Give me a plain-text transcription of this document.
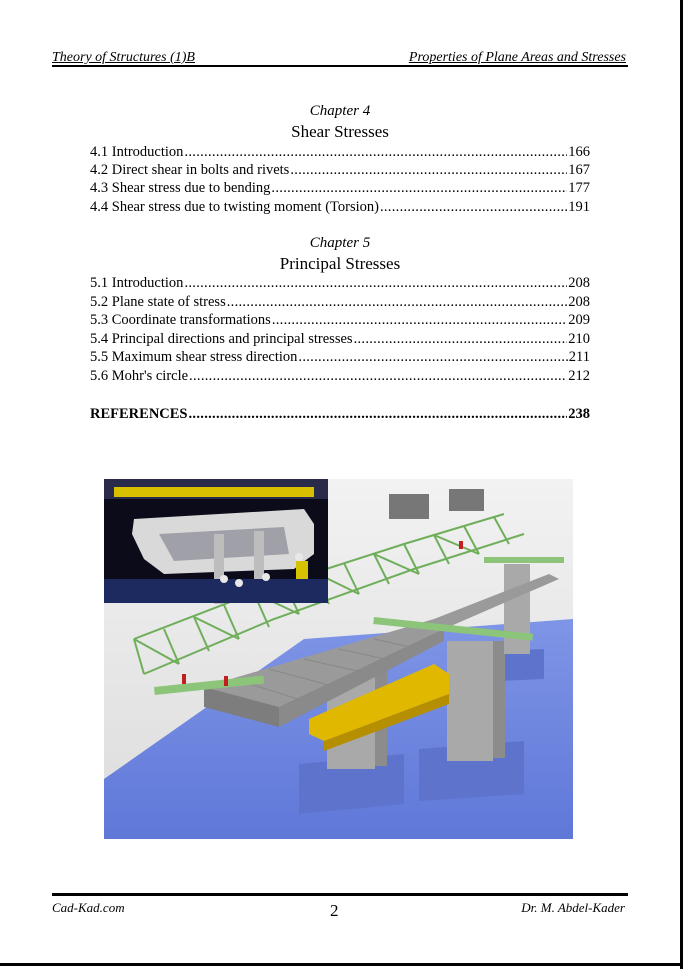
Theory of Structures (1)B	Properties of Plane Areas and Stresses
Chapter 4
Shear Stresses
4.1 Introduction .....	166
4.2 Direct shear in bolts and rivets .....	167
4.3 Shear stress due to bending .....	177
4.4 Shear stress due to twisting moment (Torsion) .....	191
Chapter 5
Principal Stresses
5.1 Introduction .....	208
5.2 Plane state of stress .....	208
5.3 Coordinate transformations .....	209
5.4 Principal directions and principal stresses .....	210
5.5 Maximum shear stress direction .....	211
5.6 Mohr's circle .....	212
REFERENCES .....	238
Cad-Kad.com	2	Dr. M. Abdel-Kader
